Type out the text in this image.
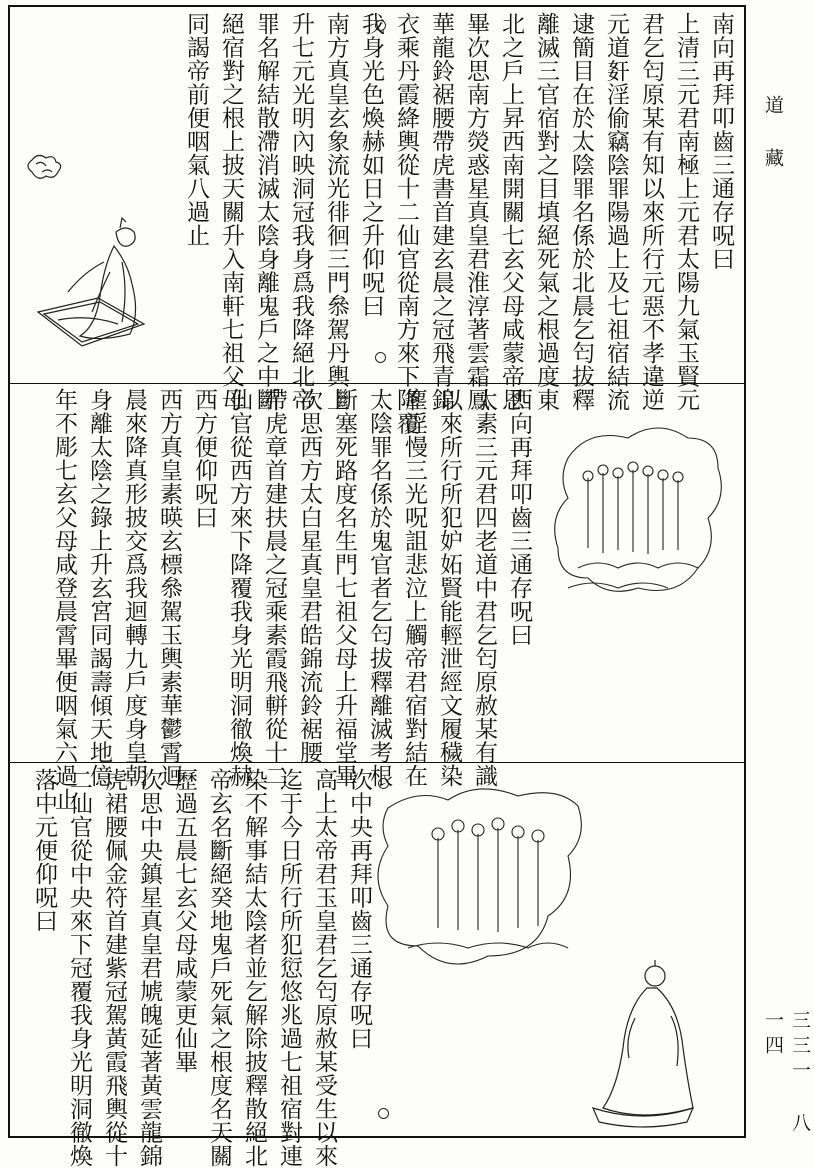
南向再拜叩齒三通存呪曰
上清三元君南極上元君太陽九氣玉賢元
君乞匄原某有知以來所行元惡不孝違逆
元道姧淫偷竊陰罪陽過上及七祖宿結流
逮簡目在於太陰罪名係於北晨乞匄拔釋
離滅三官宿對之目填絕死氣之根過度東
北之戶上昇西南開關七玄父母咸蒙帝恩
畢次思南方熒惑星真皇君淮淳著雲霜鳳
華龍鈴裾腰帶虎書首建玄晨之冠飛青錦
衣乘丹霞絳輿從十二仙官從南方來下降覆
我身光色煥赫如日之升仰呪曰
南方真皇玄象流光徘徊三門叅駕丹輿上
升七元光明內映洞冠我身爲我降絕北帝
罪名解結散滯消滅太陰身離鬼戶之中斷
絕宿對之根上披天關升入南軒七祖父母
同謁帝前便咽氣八過止
西向再拜叩齒三通存呪曰
太素三元君四老道中君乞匄原赦某有識
以來所行所犯妒妬賢能輕泄經文履穢染
塵淫慢三光呪詛悲泣上觸帝君宿對結在
太陰罪名係於鬼官者乞匄拔釋離滅考根
斷塞死路度名生門七祖父母上升福堂畢
次思西方太白星真皇君皓錦流鈴裾腰
帶虎章首建扶晨之冠乘素霞飛軿從十二
仙官從西方來下降覆我身光明洞徹煥赫
西方便仰呪曰
西方真皇素暎玄標叅駕玉輿素華鬱霄迴
晨來降真形披交爲我迴轉九戶度身皇朝
身離太陰之錄上升玄宮同謁壽傾天地億
年不彫七玄父母咸登晨霄畢便咽氣六過止
次中央再拜叩齒三通存呪曰
高上太帝君玉皇君乞匄原赦某受生以來
迄于今日所行所犯愆悠兆過七祖宿對連
染不解事結太陰者並乞解除披釋散絕北
帝玄名斷絕癸地鬼戶死氣之根度名天關
歷過五晨七玄父母咸蒙更仙畢
次思中央鎮星真皇君虓魄延著黃雲龍錦
虎裙腰佩金符首建紫冠駕黃霞飛輿從十
二仙官從中央來下冠覆我身光明洞徹煥
落中元便仰呪曰
道 藏
三三一 八一四
